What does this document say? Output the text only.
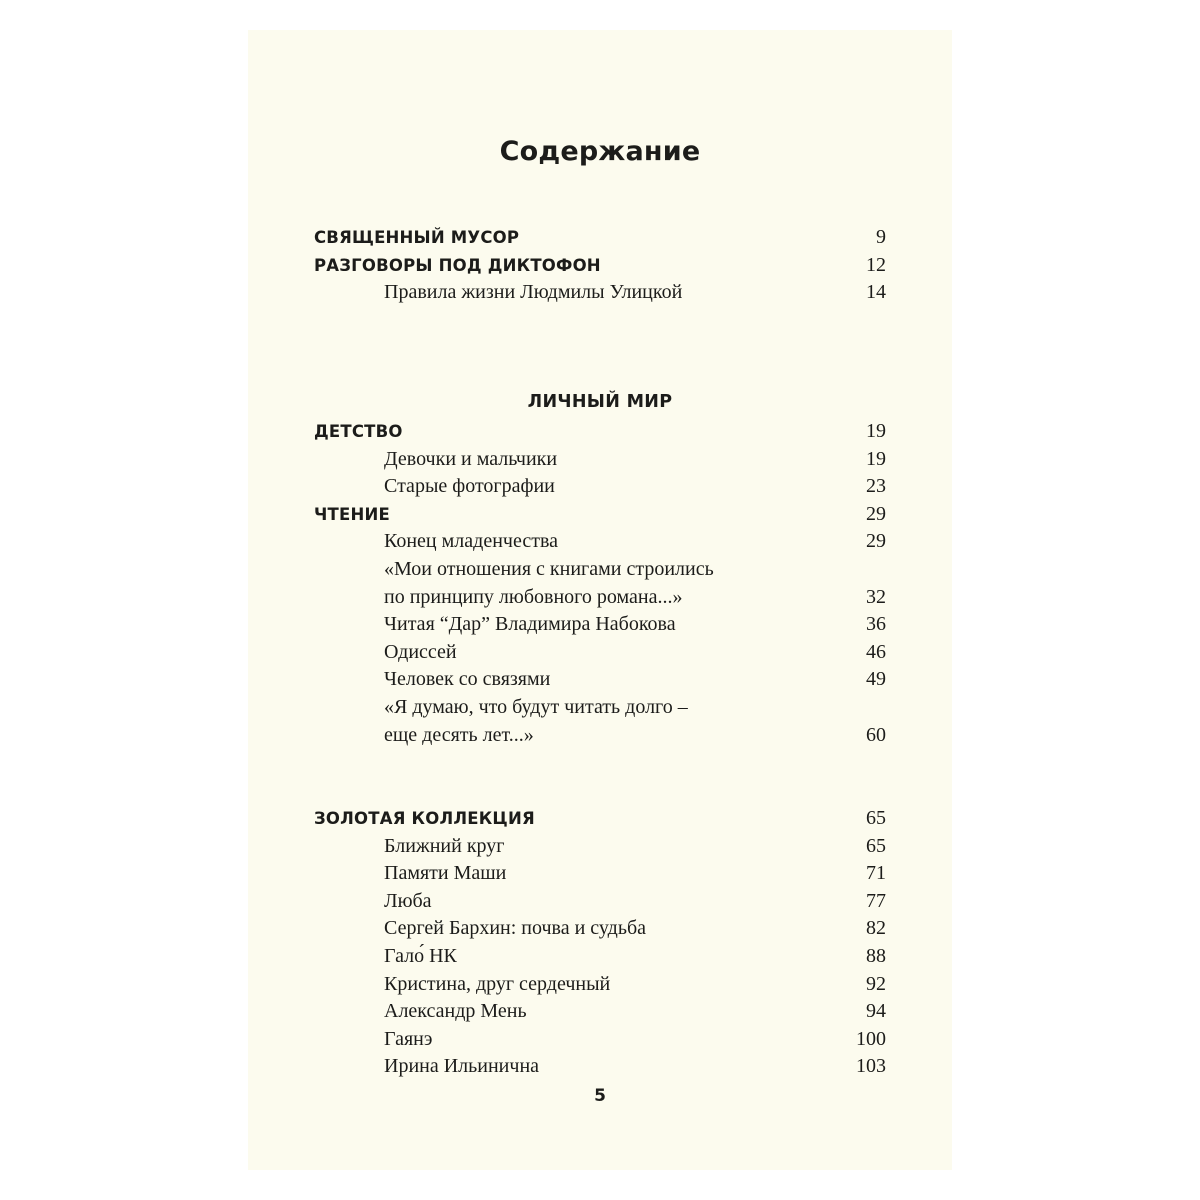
Содержание
СВЯЩЕННЫЙ МУСОР	9
РАЗГОВОРЫ ПОД ДИКТОФОН	12
Правила жизни Людмилы Улицкой	14
ЛИЧНЫЙ МИР
ДЕТСТВО	19
Девочки и мальчики	19
Старые фотографии	23
ЧТЕНИЕ	29
Конец младенчества	29
«Мои отношения с книгами строились
по принципу любовного романа...»	32
Читая “Дар” Владимира Набокова	36
Одиссей	46
Человек со связями	49
«Я думаю, что будут читать долго –
еще десять лет...»	60
ЗОЛОТАЯ КОЛЛЕКЦИЯ	65
Ближний круг	65
Памяти Маши	71
Люба	77
Сергей Бархин: почва и судьба	82
Гало́ НК	88
Кристина, друг сердечный	92
Александр Мень	94
Гаянэ	100
Ирина Ильинична	103
5
